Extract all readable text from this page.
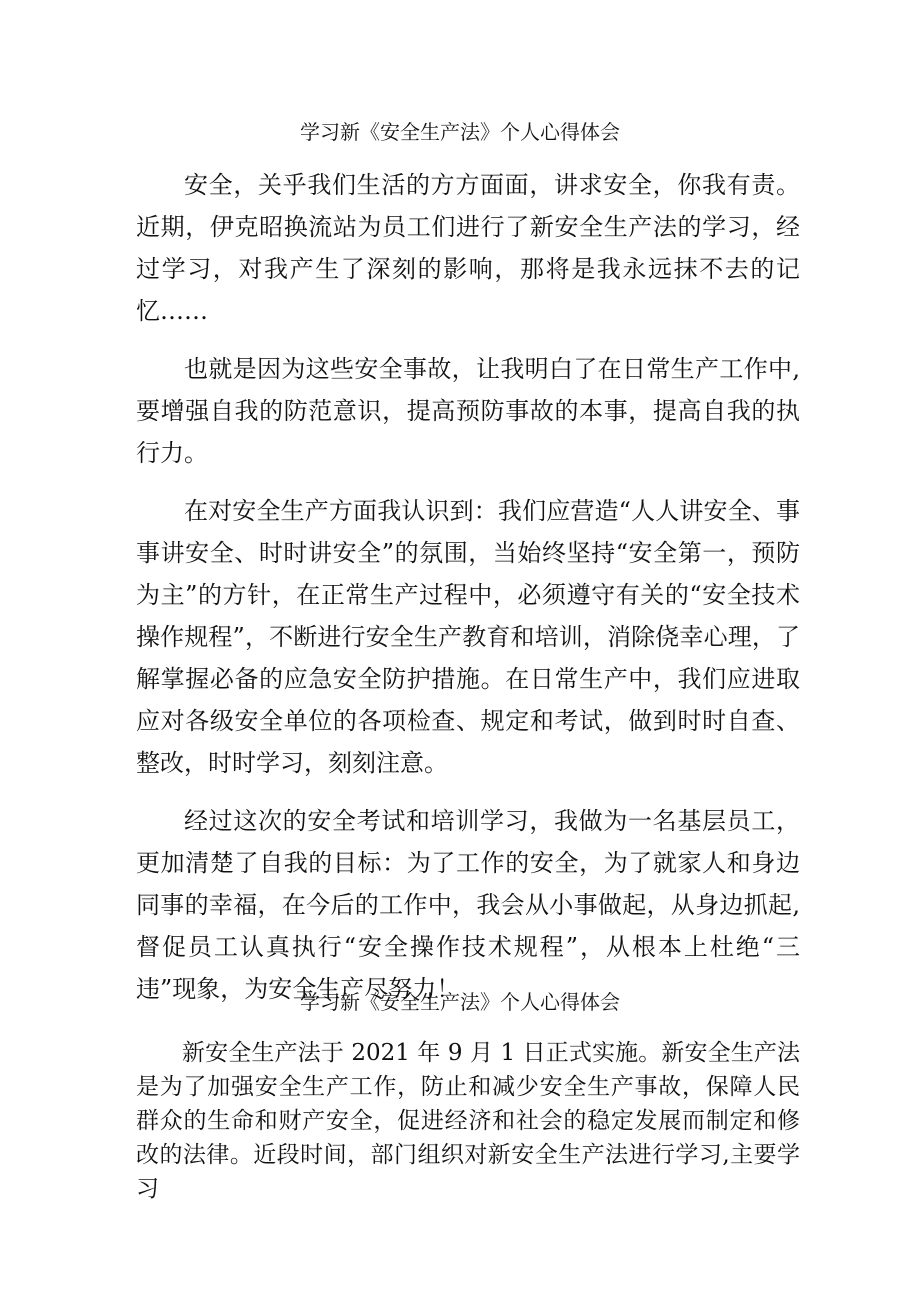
学习新《安全生产法》个人心得体会

安全，关乎我们生活的方方面面，讲求安全，你我有责。近期，伊克昭换流站为员工们进行了新安全生产法的学习，经过学习，对我产生了深刻的影响，那将是我永远抹不去的记忆……

也就是因为这些安全事故，让我明白了在日常生产工作中,要增强自我的防范意识，提高预防事故的本事，提高自我的执行力。

在对安全生产方面我认识到：我们应营造“人人讲安全、事事讲安全、时时讲安全”的氛围，当始终坚持“安全第一，预防为主”的方针，在正常生产过程中，必须遵守有关的“安全技术操作规程”，不断进行安全生产教育和培训，消除侥幸心理，了解掌握必备的应急安全防护措施。在日常生产中，我们应进取应对各级安全单位的各项检查、规定和考试，做到时时自查、整改，时时学习，刻刻注意。

经过这次的安全考试和培训学习，我做为一名基层员工，更加清楚了自我的目标：为了工作的安全，为了就家人和身边同事的幸福，在今后的工作中，我会从小事做起，从身边抓起,督促员工认真执行“安全操作技术规程”，从根本上杜绝“三违”现象，为安全生产尽努力！

学习新《安全生产法》个人心得体会

新安全生产法于 2021 年 9 月 1 日正式实施。新安全生产法是为了加强安全生产工作，防止和减少安全生产事故，保障人民群众的生命和财产安全，促进经济和社会的稳定发展而制定和修改的法律。近段时间，部门组织对新安全生产法进行学习,主要学习
